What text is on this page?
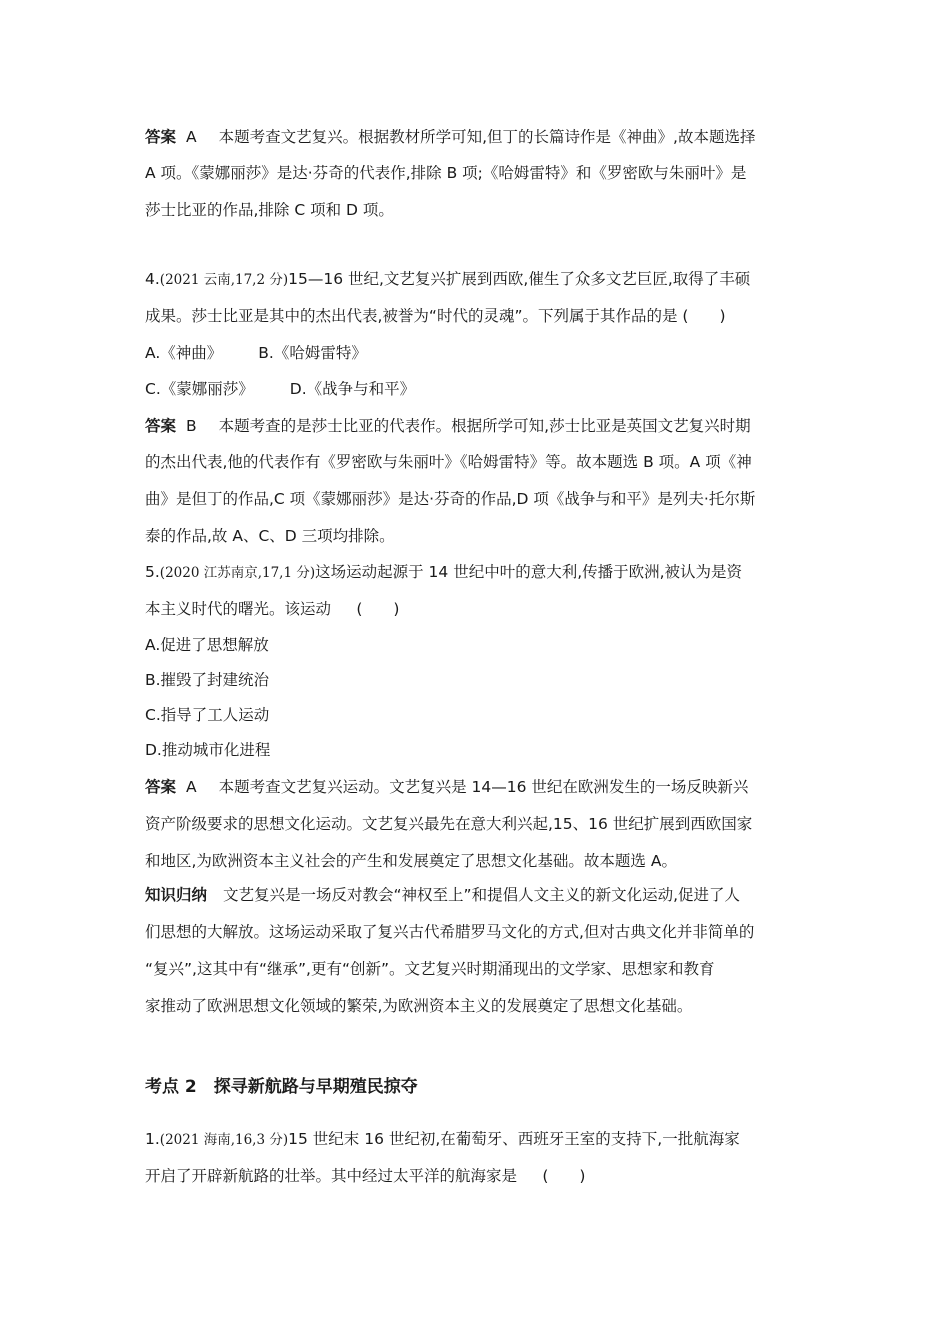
答案 A 本题考查文艺复兴。根据教材所学可知,但丁的长篇诗作是《神曲》,故本题选择
A 项。《蒙娜丽莎》是达·芬奇的代表作,排除 B 项;《哈姆雷特》和《罗密欧与朱丽叶》是
莎士比亚的作品,排除 C 项和 D 项。
4.(2021 云南,17,2 分)15—16 世纪,文艺复兴扩展到西欧,催生了众多文艺巨匠,取得了丰硕
成果。莎士比亚是其中的杰出代表,被誉为“时代的灵魂”。下列属于其作品的是 (　　)
A.《神曲》 B.《哈姆雷特》
C.《蒙娜丽莎》 D.《战争与和平》
答案 B 本题考查的是莎士比亚的代表作。根据所学可知,莎士比亚是英国文艺复兴时期
的杰出代表,他的代表作有《罗密欧与朱丽叶》《哈姆雷特》等。故本题选 B 项。A 项《神
曲》是但丁的作品,C 项《蒙娜丽莎》是达·芬奇的作品,D 项《战争与和平》是列夫·托尔斯
泰的作品,故 A、C、D 三项均排除。
5.(2020 江苏南京,17,1 分)这场运动起源于 14 世纪中叶的意大利,传播于欧洲,被认为是资
本主义时代的曙光。该运动 　 (　　)
A.促进了思想解放
B.摧毁了封建统治
C.指导了工人运动
D.推动城市化进程
答案 A 本题考查文艺复兴运动。文艺复兴是 14—16 世纪在欧洲发生的一场反映新兴
资产阶级要求的思想文化运动。文艺复兴最先在意大利兴起,15、16 世纪扩展到西欧国家
和地区,为欧洲资本主义社会的产生和发展奠定了思想文化基础。故本题选 A。
知识归纳 文艺复兴是一场反对教会“神权至上”和提倡人文主义的新文化运动,促进了人
们思想的大解放。这场运动采取了复兴古代希腊罗马文化的方式,但对古典文化并非简单的
“复兴”,这其中有“继承”,更有“创新”。文艺复兴时期涌现出的文学家、思想家和教育
家推动了欧洲思想文化领域的繁荣,为欧洲资本主义的发展奠定了思想文化基础。
考点 2　探寻新航路与早期殖民掠夺
1.(2021 海南,16,3 分)15 世纪末 16 世纪初,在葡萄牙、西班牙王室的支持下,一批航海家
开启了开辟新航路的壮举。其中经过太平洋的航海家是 　 (　　)
